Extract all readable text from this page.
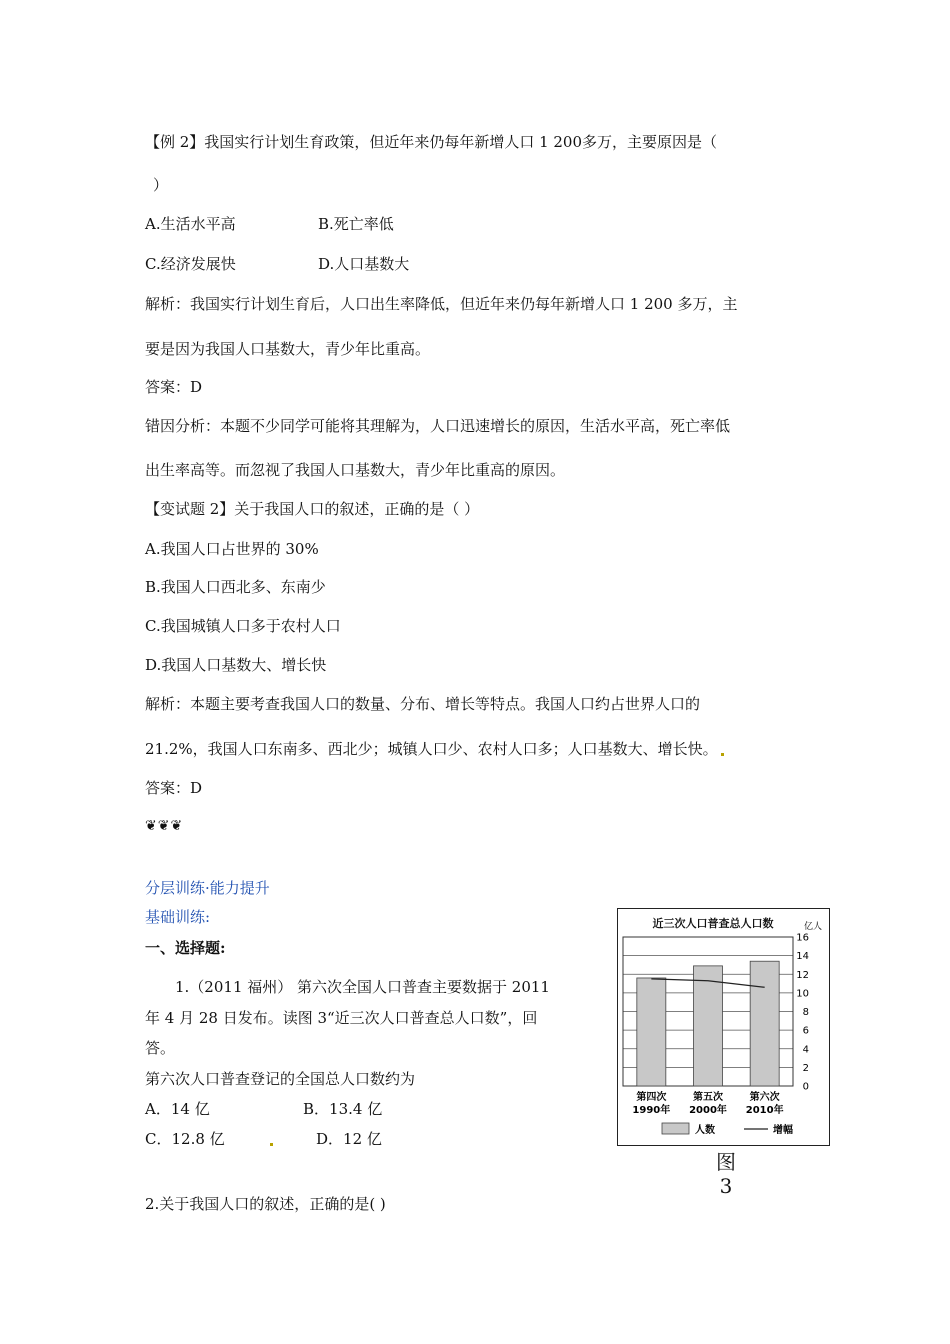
【例 2】我国实行计划生育政策，但近年来仍每年新增人口 1 200多万，主要原因是（
）
A.生活水平高	B.死亡率低
C.经济发展快	D.人口基数大
解析：我国实行计划生育后，人口出生率降低，但近年来仍每年新增人口 1 200 多万，主
要是因为我国人口基数大，青少年比重高。
答案：D
错因分析：本题不少同学可能将其理解为，人口迅速增长的原因，生活水平高，死亡率低
出生率高等。而忽视了我国人口基数大，青少年比重高的原因。
【变试题 2】关于我国人口的叙述，正确的是（ ）
A.我国人口占世界的 30%
B.我国人口西北多、东南少
C.我国城镇人口多于农村人口
D.我国人口基数大、增长快
解析：本题主要考查我国人口的数量、分布、增长等特点。我国人口约占世界人口的
21.2%，我国人口东南多、西北少；城镇人口少、农村人口多；人口基数大、增长快。
答案：D
❦❦❦
分层训练·能力提升
基础训练:
一、选择题:
1.（2011 福州） 第六次全国人口普查主要数据于 2011
年 4 月 28 日发布。读图 3“近三次人口普查总人口数”，回
答。
第六次人口普查登记的全国总人口数约为
A．14 亿	B．13.4 亿
C．12.8 亿	D．12 亿
2.关于我国人口的叙述，正确的是( )
近三次人口普查总人口数	亿人
0
2
4
6
8
10
12
14
16
第四次
1990年
第五次
2000年
第六次
2010年
人数	增幅
图
3
